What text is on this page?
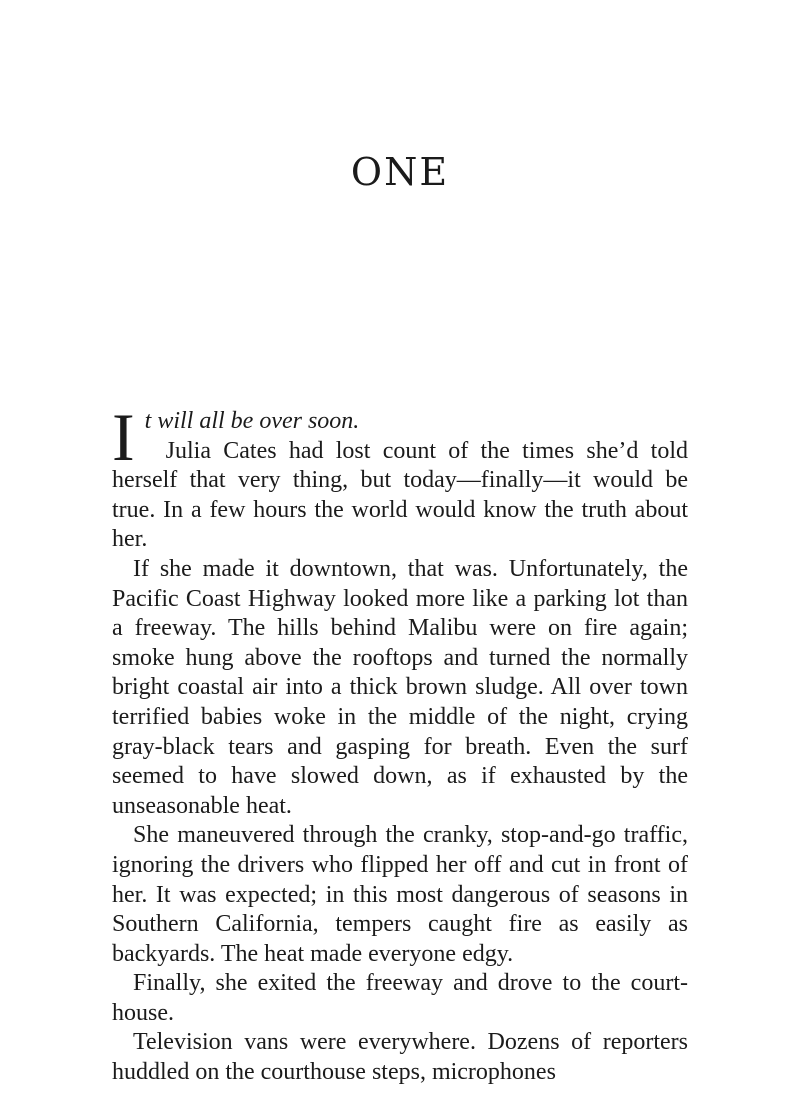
ONE

It will all be over soon.

Julia Cates had lost count of the times she’d told herself that very thing, but today—finally—it would be true. In a few hours the world would know the truth about her.

If she made it downtown, that was. Unfortunately, the Pacific Coast Highway looked more like a parking lot than a freeway. The hills behind Malibu were on fire again; smoke hung above the rooftops and turned the normally bright coastal air into a thick brown sludge. All over town terrified babies woke in the middle of the night, crying gray-black tears and gasping for breath. Even the surf seemed to have slowed down, as if exhausted by the unseasonable heat.

She maneuvered through the cranky, stop-and-go traffic, ignoring the drivers who flipped her off and cut in front of her. It was expected; in this most dangerous of seasons in Southern California, tempers caught fire as easily as backyards. The heat made everyone edgy.

Finally, she exited the freeway and drove to the courthouse.

Television vans were everywhere. Dozens of reporters huddled on the courthouse steps, microphones
